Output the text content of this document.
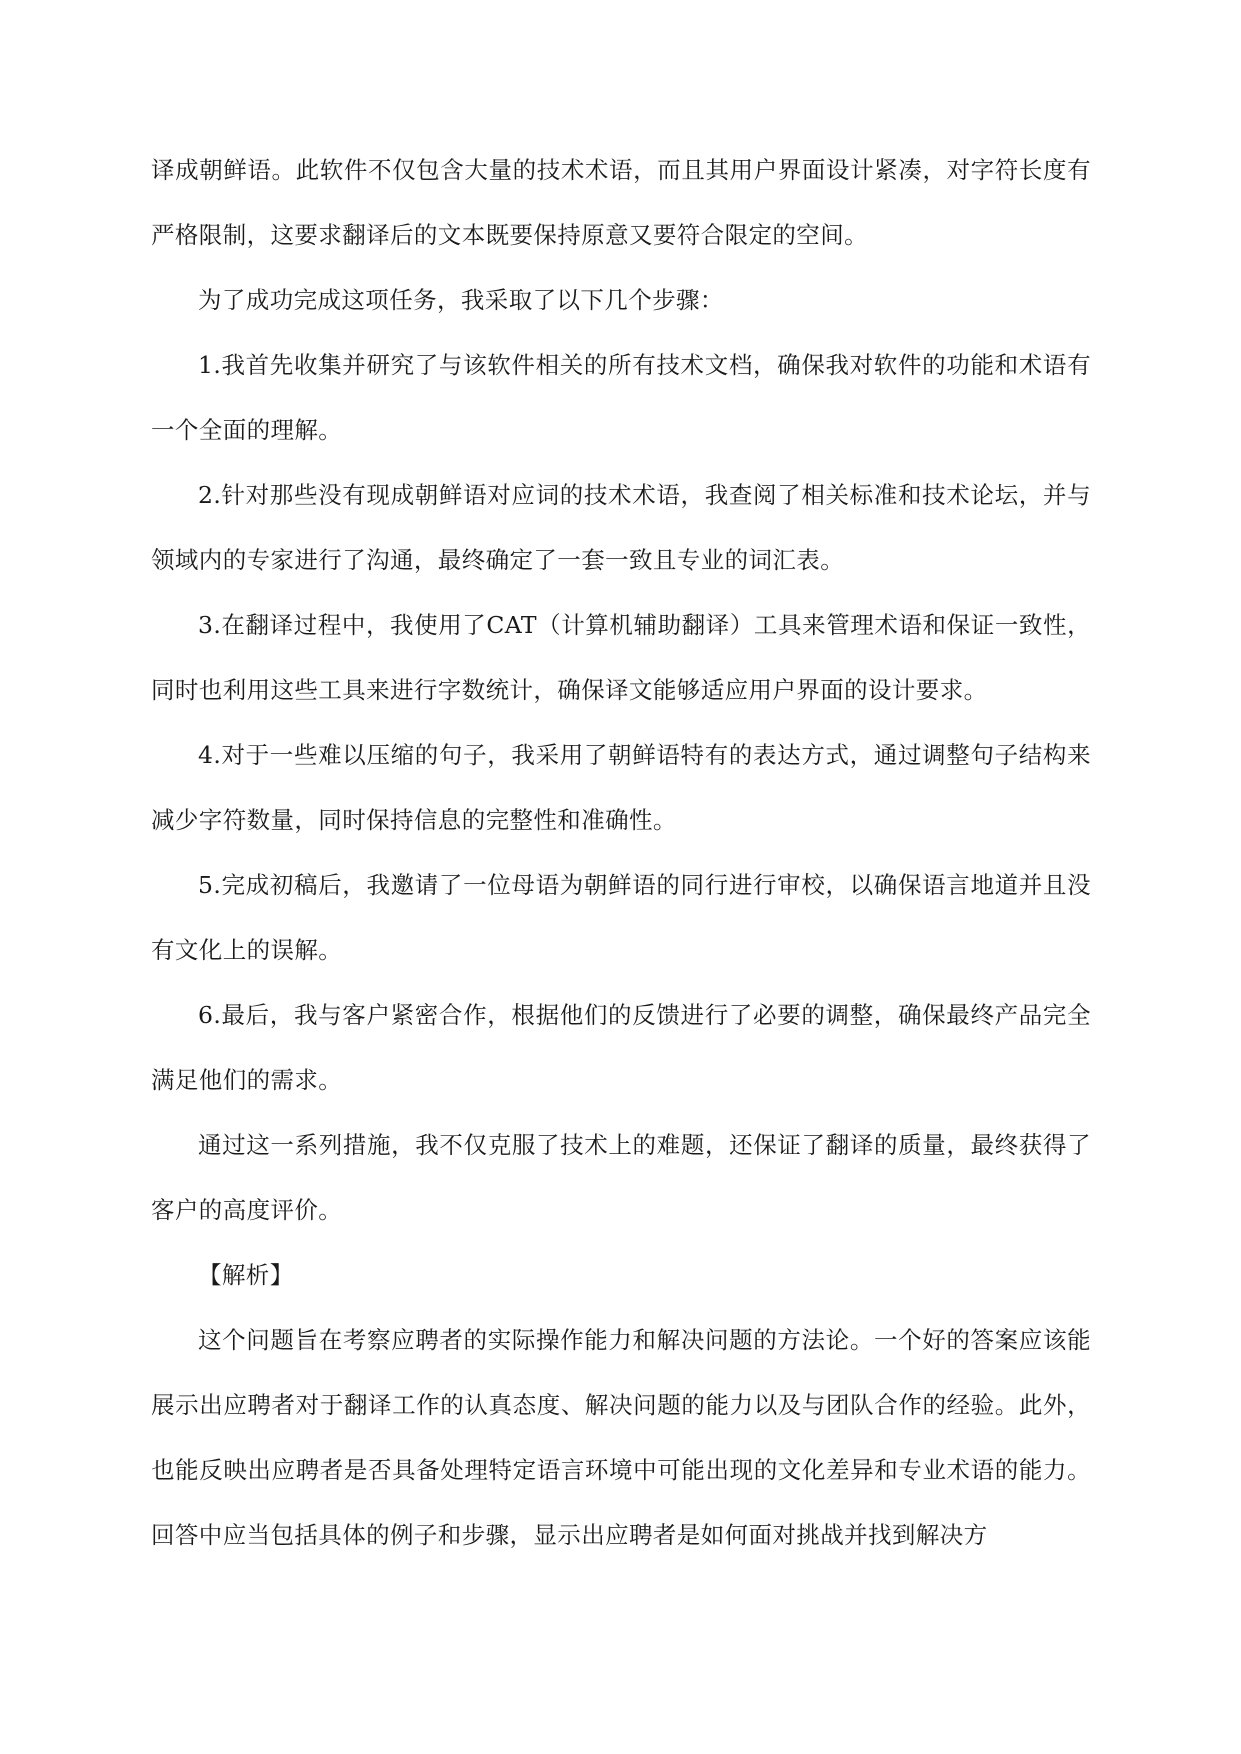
译成朝鲜语。此软件不仅包含大量的技术术语，而且其用户界面设计紧凑，对字符长度有严格限制，这要求翻译后的文本既要保持原意又要符合限定的空间。

为了成功完成这项任务，我采取了以下几个步骤：

1.我首先收集并研究了与该软件相关的所有技术文档，确保我对软件的功能和术语有一个全面的理解。

2.针对那些没有现成朝鲜语对应词的技术术语，我查阅了相关标准和技术论坛，并与领域内的专家进行了沟通，最终确定了一套一致且专业的词汇表。

3.在翻译过程中，我使用了CAT（计算机辅助翻译）工具来管理术语和保证一致性，同时也利用这些工具来进行字数统计，确保译文能够适应用户界面的设计要求。

4.对于一些难以压缩的句子，我采用了朝鲜语特有的表达方式，通过调整句子结构来减少字符数量，同时保持信息的完整性和准确性。

5.完成初稿后，我邀请了一位母语为朝鲜语的同行进行审校，以确保语言地道并且没有文化上的误解。

6.最后，我与客户紧密合作，根据他们的反馈进行了必要的调整，确保最终产品完全满足他们的需求。

通过这一系列措施，我不仅克服了技术上的难题，还保证了翻译的质量，最终获得了客户的高度评价。

【解析】

这个问题旨在考察应聘者的实际操作能力和解决问题的方法论。一个好的答案应该能展示出应聘者对于翻译工作的认真态度、解决问题的能力以及与团队合作的经验。此外，也能反映出应聘者是否具备处理特定语言环境中可能出现的文化差异和专业术语的能力。回答中应当包括具体的例子和步骤，显示出应聘者是如何面对挑战并找到解决方
